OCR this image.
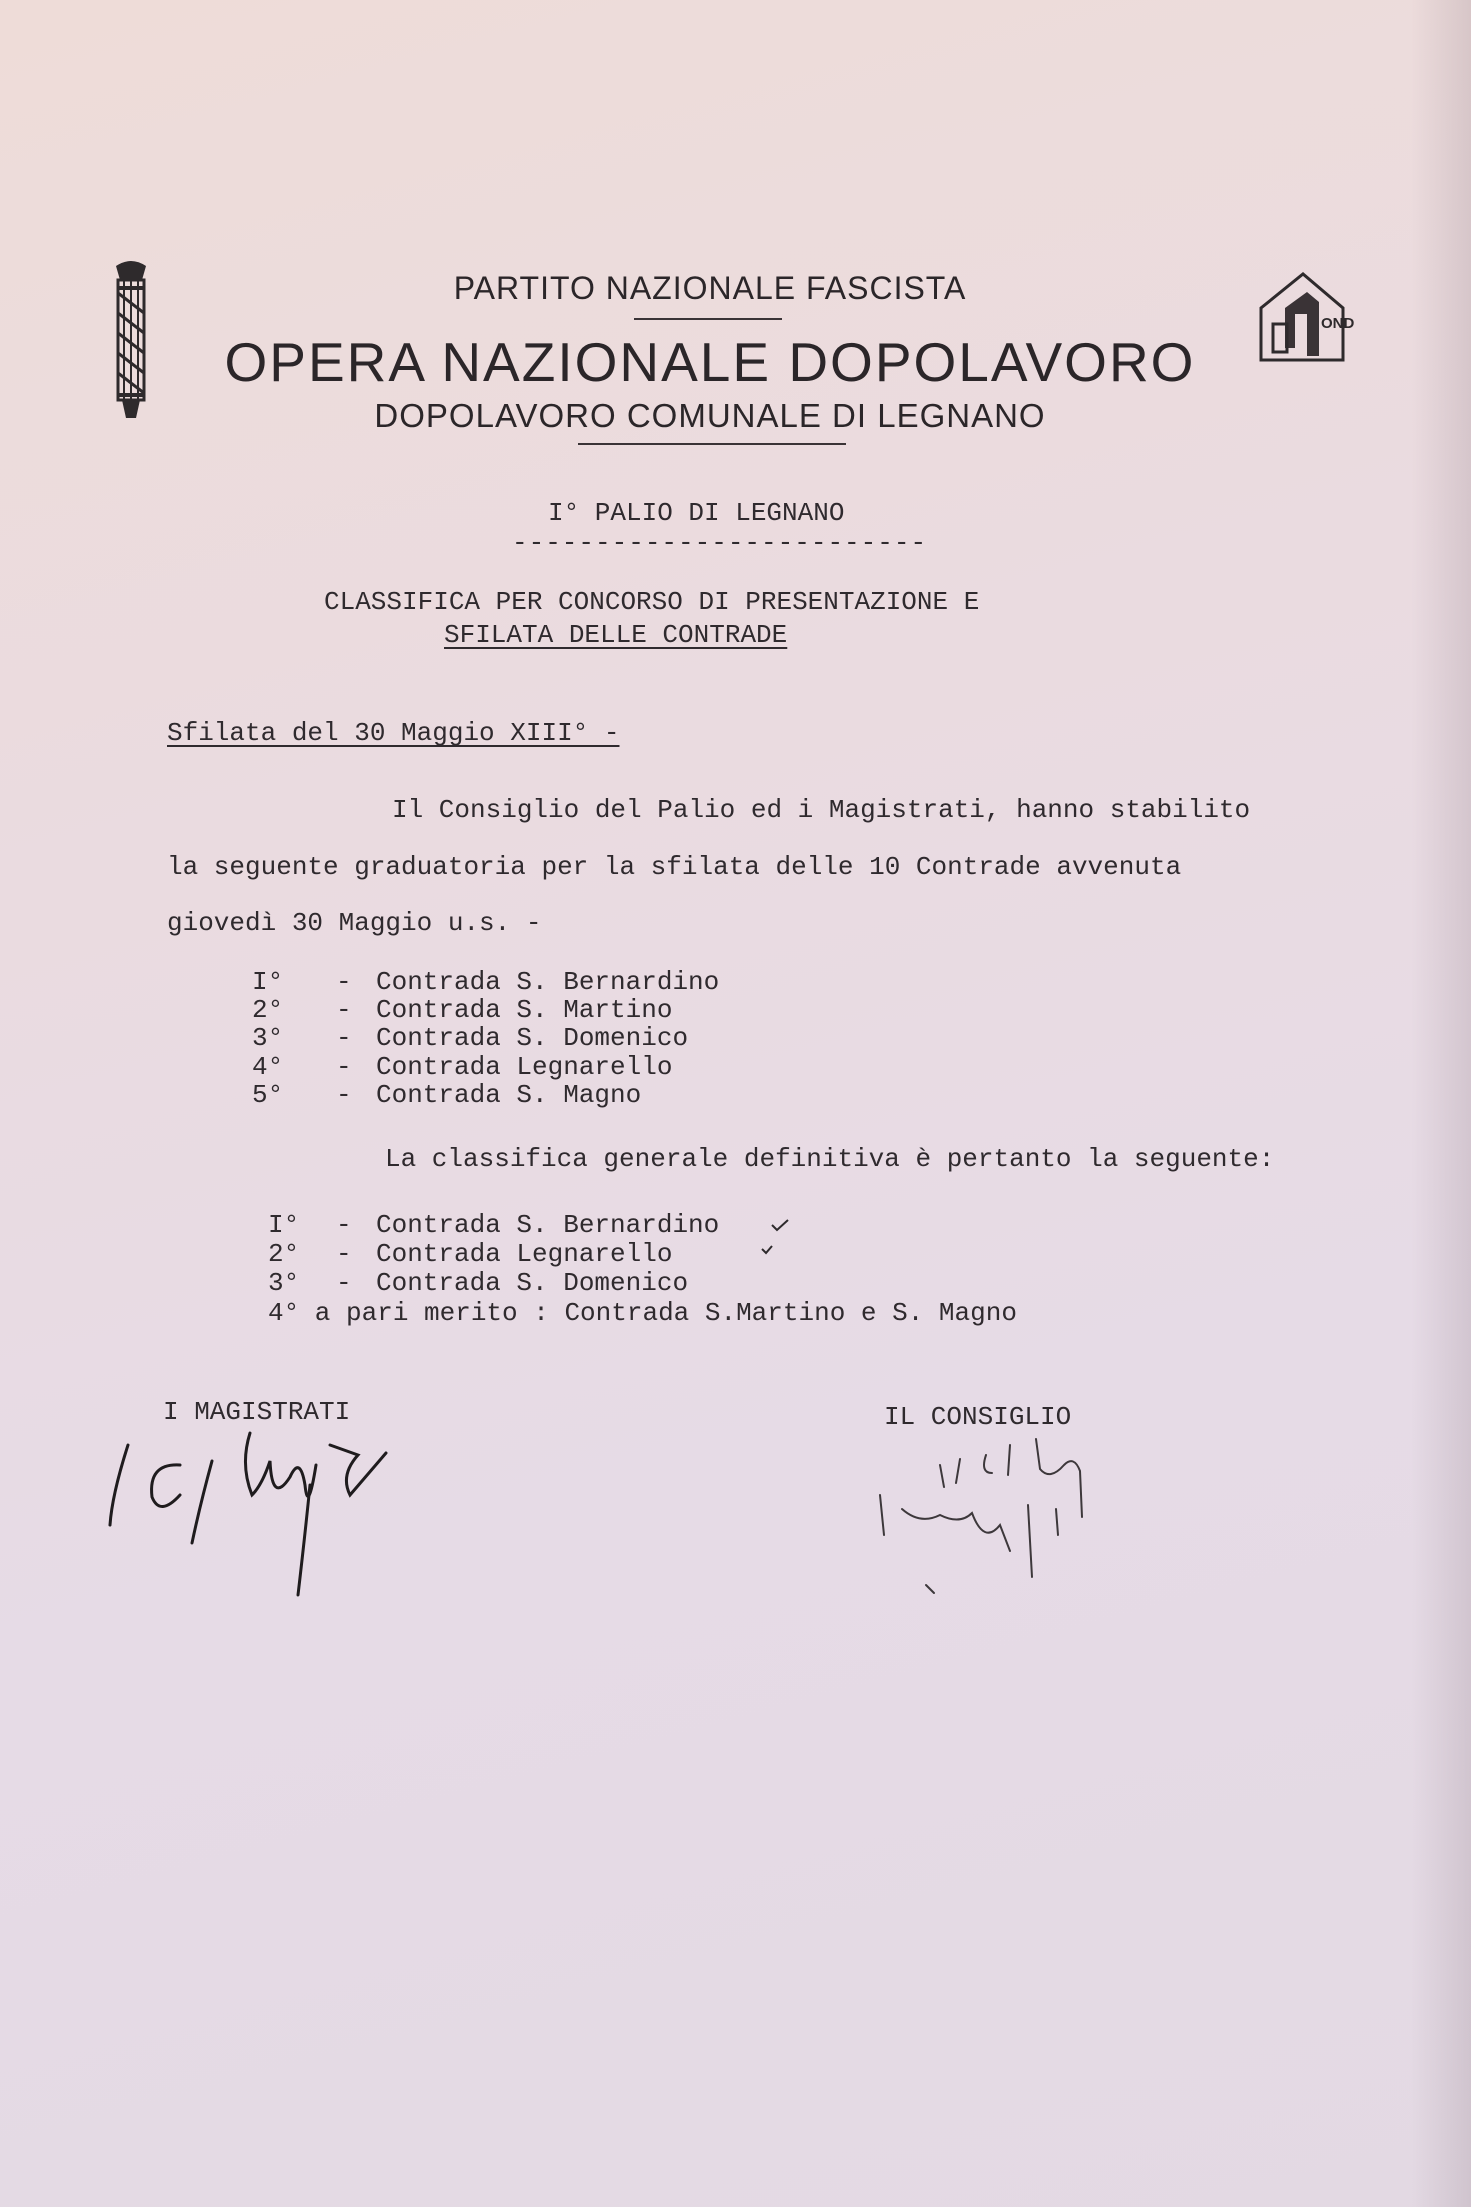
OND

PARTITO NAZIONALE FASCISTA

OPERA NAZIONALE DOPOLAVORO

DOPOLAVORO COMUNALE DI LEGNANO

I° PALIO DI LEGNANO

-------------------------

CLASSIFICA PER CONCORSO DI PRESENTAZIONE E

SFILATA DELLE CONTRADE

Sfilata del 30 Maggio XIII° -

Il Consiglio del Palio ed i Magistrati, hanno stabilito

la seguente graduatoria per la sfilata delle 10 Contrade avvenuta

giovedì 30 Maggio u.s. -

I°	- Contrada S. Bernardino
2°	- Contrada S. Martino
3°	- Contrada S. Domenico
4°	- Contrada Legnarello
5°	- Contrada S. Magno

La classifica generale definitiva è pertanto la seguente:

I°	- Contrada S. Bernardino
2°	- Contrada Legnarello
3°	- Contrada S. Domenico

4° a pari merito : Contrada S.Martino e S. Magno

I MAGISTRATI	IL CONSIGLIO
